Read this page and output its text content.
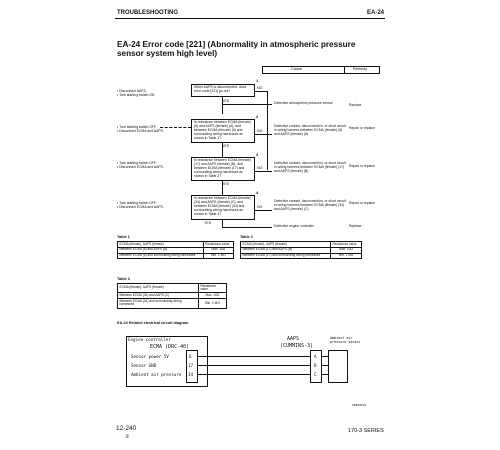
TROUBLESHOOTING	EA-24
EA-24 Error code [221] (Abnormality in atmospheric pressure sensor system high level)
Cause	Remedy
1
• Disconnect AAPS.
• Turn starting switch ON.
When AAPS is disconnected, does error code [221] go out?
NO
YES	Defective atmospheric pressure sensor	Replace
2
• Turn starting switch OFF.
• Disconnect ECMA and AAPS.
Is resistance between ECMA (female) (6) and AAPS (female) (A), and between ECMA (female) (6) and surrounding wiring harnesses as shown in Table 1?
NO
YES
Defective contact, disconnection, or short circuit in wiring harness between ECMA (female) (6) and AAPS (female) (A)
Repair or replace
3
• Turn starting switch OFF.
• Disconnect ECMA and AAPS.
Is resistance between ECMA (female) (17) and AAPS (female) (B), and between ECMA (female) (17) and surrounding wiring harnesses as shown in Table 2?
NO
YES
Defective contact, disconnection, or short circuit in wiring harness between ECMA (female) (17) and AAPS (female) (B)
Repair or replace
4
• Turn starting switch OFF.
• Disconnect ECMA and AAPS.
Is resistance between ECMA (female) (34) and AAPS (female) (C), and between ECMA (female) (34) and surrounding wiring harnesses as shown in Table 3?
NO
YES
Defective contact, disconnection, or short circuit in wiring harness between ECMA (female) (34) and AAPS (female) (C)
Repair or replace
Defective engine controller	Replace
Table 1
ECMA (female), AAPS (female)	Resistance value
Between ECMA (6) and AAPS (A)	Max. 10Ω
Between ECMA (6) and surrounding wiring harnesses	Min. 1 MΩ
Table 2
ECMA (female), AAPS (female)	Resistance value
Between ECMA (17) and AAPS (B)	Max. 10Ω
Between ECMA (17) and surrounding wiring harnesses	Min. 1 MΩ
Table 3
ECMA (female), AAPS (female)	Resistance value
Between ECMA (34) and AAPS (C)	Max. 10Ω
Between ECMA (34) and surrounding wiring harnesses	Min. 1 MΩ
EA-24 Related electrical circuit diagram
Engine controller
ECMA (DRC-40)
Sensor power 5V
Sensor GND
Ambient air pressure
6
17
34
AAPS
(CUMMINS-3)
A
B
C
Ambient air pressure sensor
SKE00021
12-240
①
170-3 SERIES
